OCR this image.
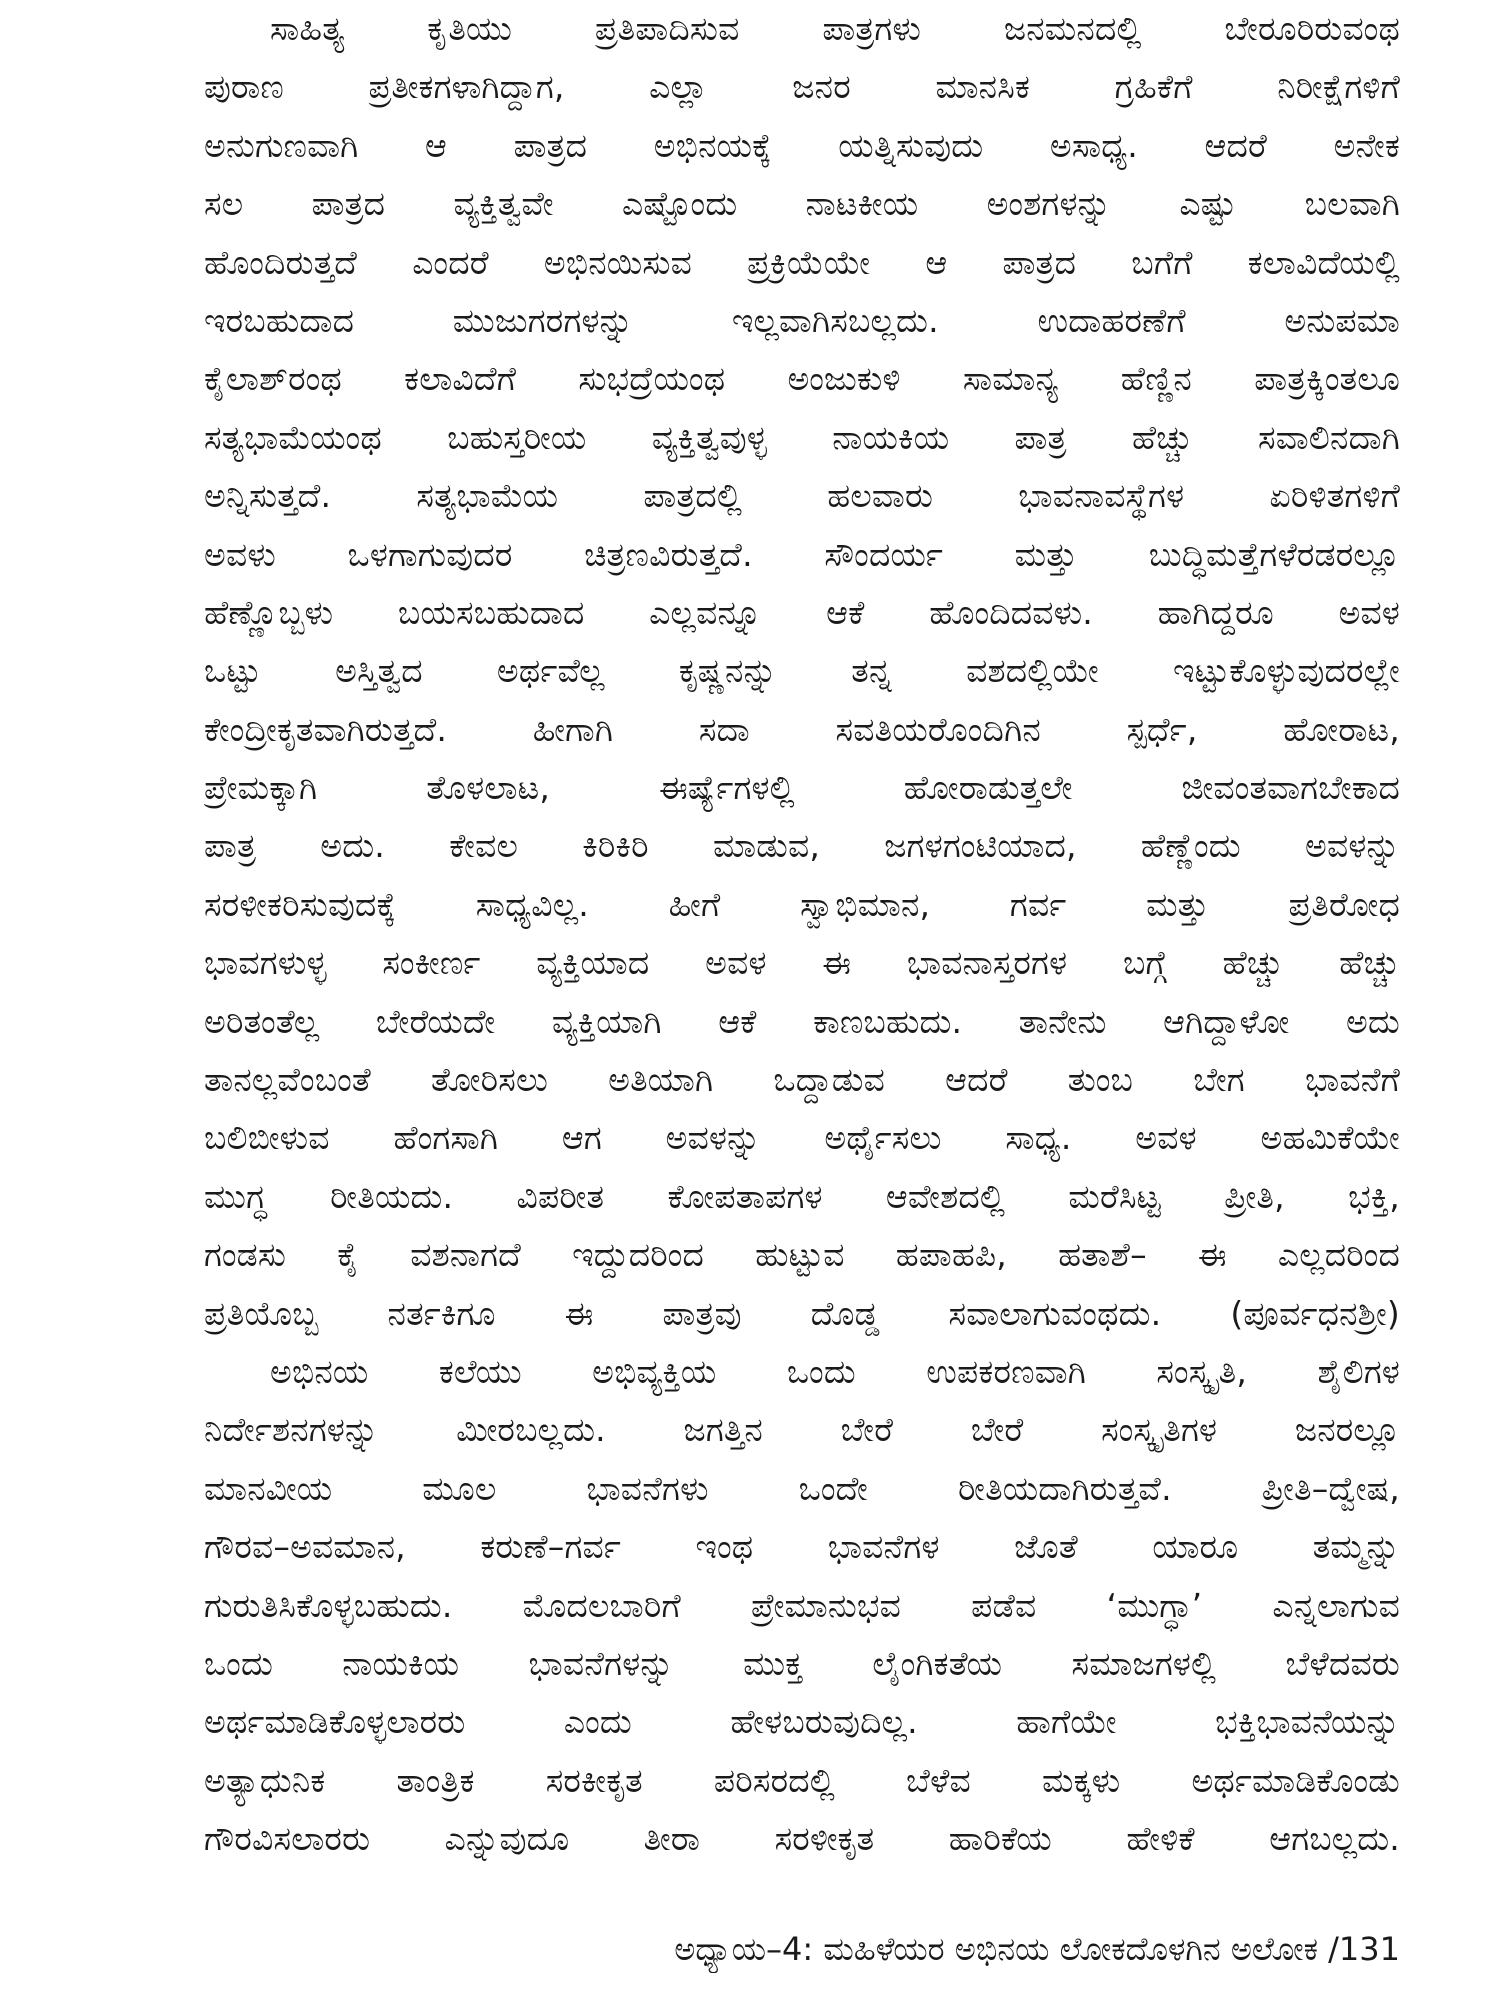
ಸಾಹಿತ್ಯ ಕೃತಿಯು ಪ್ರತಿಪಾದಿಸುವ ಪಾತ್ರಗಳು ಜನಮನದಲ್ಲಿ ಬೇರೂರಿರುವಂಥ
ಪುರಾಣ ಪ್ರತೀಕಗಳಾಗಿದ್ದಾಗ, ಎಲ್ಲಾ ಜನರ ಮಾನಸಿಕ ಗ್ರಹಿಕೆಗೆ ನಿರೀಕ್ಷೆಗಳಿಗೆ
ಅನುಗುಣವಾಗಿ ಆ ಪಾತ್ರದ ಅಭಿನಯಕ್ಕೆ ಯತ್ನಿಸುವುದು ಅಸಾಧ್ಯ. ಆದರೆ ಅನೇಕ
ಸಲ ಪಾತ್ರದ ವ್ಯಕ್ತಿತ್ವವೇ ಎಷ್ಟೊಂದು ನಾಟಕೀಯ ಅಂಶಗಳನ್ನು ಎಷ್ಟು ಬಲವಾಗಿ
ಹೊಂದಿರುತ್ತದೆ ಎಂದರೆ ಅಭಿನಯಿಸುವ ಪ್ರಕ್ರಿಯೆಯೇ ಆ ಪಾತ್ರದ ಬಗೆಗೆ ಕಲಾವಿದೆಯಲ್ಲಿ
ಇರಬಹುದಾದ ಮುಜುಗರಗಳನ್ನು ಇಲ್ಲವಾಗಿಸಬಲ್ಲದು. ಉದಾಹರಣೆಗೆ ಅನುಪಮಾ
ಕೈಲಾಶ್‌ರಂಥ ಕಲಾವಿದೆಗೆ ಸುಭದ್ರೆಯಂಥ ಅಂಜುಕುಳಿ ಸಾಮಾನ್ಯ ಹೆಣ್ಣಿನ ಪಾತ್ರಕ್ಕಿಂತಲೂ
ಸತ್ಯಭಾಮೆಯಂಥ ಬಹುಸ್ತರೀಯ ವ್ಯಕ್ತಿತ್ವವುಳ್ಳ ನಾಯಕಿಯ ಪಾತ್ರ ಹೆಚ್ಚು ಸವಾಲಿನದಾಗಿ
ಅನ್ನಿಸುತ್ತದೆ. ಸತ್ಯಭಾಮೆಯ ಪಾತ್ರದಲ್ಲಿ ಹಲವಾರು ಭಾವನಾವಸ್ಥೆಗಳ ಏರಿಳಿತಗಳಿಗೆ
ಅವಳು ಒಳಗಾಗುವುದರ ಚಿತ್ರಣವಿರುತ್ತದೆ. ಸೌಂದರ್ಯ ಮತ್ತು ಬುದ್ಧಿಮತ್ತೆಗಳೆರಡರಲ್ಲೂ
ಹೆಣ್ಣೊಬ್ಬಳು ಬಯಸಬಹುದಾದ ಎಲ್ಲವನ್ನೂ ಆಕೆ ಹೊಂದಿದವಳು. ಹಾಗಿದ್ದರೂ ಅವಳ
ಒಟ್ಟು ಅಸ್ತಿತ್ವದ ಅರ್ಥವೆಲ್ಲ ಕೃಷ್ಣನನ್ನು ತನ್ನ ವಶದಲ್ಲಿಯೇ ಇಟ್ಟುಕೊಳ್ಳುವುದರಲ್ಲೇ
ಕೇಂದ್ರೀಕೃತವಾಗಿರುತ್ತದೆ. ಹೀಗಾಗಿ ಸದಾ ಸವತಿಯರೊಂದಿಗಿನ ಸ್ಪರ್ಧೆ, ಹೋರಾಟ,
ಪ್ರೇಮಕ್ಕಾಗಿ ತೊಳಲಾಟ, ಈರ್ಷ್ಯೆಗಳಲ್ಲಿ ಹೋರಾಡುತ್ತಲೇ ಜೀವಂತವಾಗಬೇಕಾದ
ಪಾತ್ರ ಅದು. ಕೇವಲ ಕಿರಿಕಿರಿ ಮಾಡುವ, ಜಗಳಗಂಟಿಯಾದ, ಹೆಣ್ಣೆಂದು ಅವಳನ್ನು
ಸರಳೀಕರಿಸುವುದಕ್ಕೆ ಸಾಧ್ಯವಿಲ್ಲ. ಹೀಗೆ ಸ್ವಾಭಿಮಾನ, ಗರ್ವ ಮತ್ತು ಪ್ರತಿರೋಧ
ಭಾವಗಳುಳ್ಳ ಸಂಕೀರ್ಣ ವ್ಯಕ್ತಿಯಾದ ಅವಳ ಈ ಭಾವನಾಸ್ತರಗಳ ಬಗ್ಗೆ ಹೆಚ್ಚು ಹೆಚ್ಚು
ಅರಿತಂತೆಲ್ಲ ಬೇರೆಯದೇ ವ್ಯಕ್ತಿಯಾಗಿ ಆಕೆ ಕಾಣಬಹುದು. ತಾನೇನು ಆಗಿದ್ದಾಳೋ ಅದು
ತಾನಲ್ಲವೆಂಬಂತೆ ತೋರಿಸಲು ಅತಿಯಾಗಿ ಒದ್ದಾಡುವ ಆದರೆ ತುಂಬ ಬೇಗ ಭಾವನೆಗೆ
ಬಲಿಬೀಳುವ ಹೆಂಗಸಾಗಿ ಆಗ ಅವಳನ್ನು ಅರ್ಥೈಸಲು ಸಾಧ್ಯ. ಅವಳ ಅಹಮಿಕೆಯೇ
ಮುಗ್ಧ ರೀತಿಯದು. ವಿಪರೀತ ಕೋಪತಾಪಗಳ ಆವೇಶದಲ್ಲಿ ಮರೆಸಿಟ್ಟ ಪ್ರೀತಿ, ಭಕ್ತಿ,
ಗಂಡಸು ಕೈ ವಶನಾಗದೆ ಇದ್ದುದರಿಂದ ಹುಟ್ಟುವ ಹಪಾಹಪಿ, ಹತಾಶೆ– ಈ ಎಲ್ಲದರಿಂದ
ಪ್ರತಿಯೊಬ್ಬ ನರ್ತಕಿಗೂ ಈ ಪಾತ್ರವು ದೊಡ್ಡ ಸವಾಲಾಗುವಂಥದು. (ಪೂರ್ವಧನಶ್ರೀ)
ಅಭಿನಯ ಕಲೆಯು ಅಭಿವ್ಯಕ್ತಿಯ ಒಂದು ಉಪಕರಣವಾಗಿ ಸಂಸ್ಕೃತಿ, ಶೈಲಿಗಳ
ನಿರ್ದೇಶನಗಳನ್ನು ಮೀರಬಲ್ಲದು. ಜಗತ್ತಿನ ಬೇರೆ ಬೇರೆ ಸಂಸ್ಕೃತಿಗಳ ಜನರಲ್ಲೂ
ಮಾನವೀಯ ಮೂಲ ಭಾವನೆಗಳು ಒಂದೇ ರೀತಿಯದಾಗಿರುತ್ತವೆ. ಪ್ರೀತಿ–ದ್ವೇಷ,
ಗೌರವ–ಅವಮಾನ, ಕರುಣೆ–ಗರ್ವ ಇಂಥ ಭಾವನೆಗಳ ಜೊತೆ ಯಾರೂ ತಮ್ಮನ್ನು
ಗುರುತಿಸಿಕೊಳ್ಳಬಹುದು. ಮೊದಲಬಾರಿಗೆ ಪ್ರೇಮಾನುಭವ ಪಡೆವ ‘ಮುಗ್ಧಾ’ ಎನ್ನಲಾಗುವ
ಒಂದು ನಾಯಕಿಯ ಭಾವನೆಗಳನ್ನು ಮುಕ್ತ ಲೈಂಗಿಕತೆಯ ಸಮಾಜಗಳಲ್ಲಿ ಬೆಳೆದವರು
ಅರ್ಥಮಾಡಿಕೊಳ್ಳಲಾರರು ಎಂದು ಹೇಳಬರುವುದಿಲ್ಲ. ಹಾಗೆಯೇ ಭಕ್ತಿಭಾವನೆಯನ್ನು
ಅತ್ಯಾಧುನಿಕ ತಾಂತ್ರಿಕ ಸರಕೀಕೃತ ಪರಿಸರದಲ್ಲಿ ಬೆಳೆವ ಮಕ್ಕಳು ಅರ್ಥಮಾಡಿಕೊಂಡು
ಗೌರವಿಸಲಾರರು ಎನ್ನುವುದೂ ತೀರಾ ಸರಳೀಕೃತ ಹಾರಿಕೆಯ ಹೇಳಿಕೆ ಆಗಬಲ್ಲದು.
ಅಧ್ಯಾಯ–4: ಮಹಿಳೆಯರ ಅಭಿನಯ ಲೋಕದೊಳಗಿನ ಅಲೋಕ /131
